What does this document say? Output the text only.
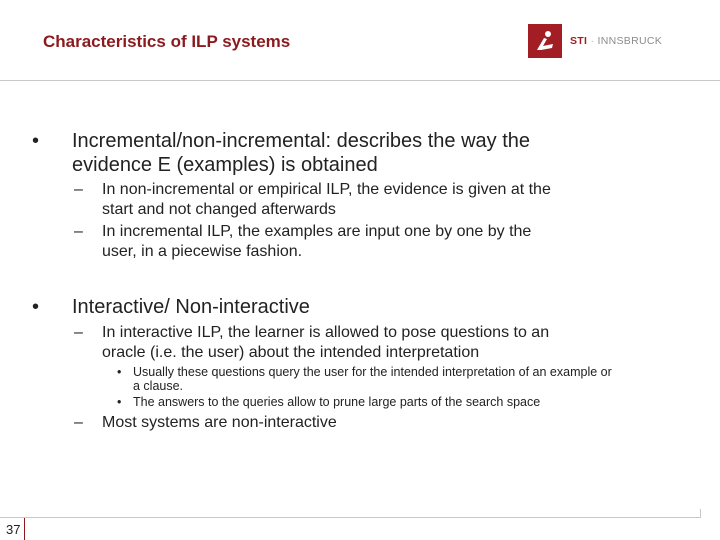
Characteristics of ILP systems	STI · INNSBRUCK
• Incremental/non-incremental: describes the way the
evidence E (examples) is obtained
– In non-incremental or empirical ILP, the evidence is given at the
start and not changed afterwards
– In incremental ILP, the examples are input one by one by the
user, in a piecewise fashion.
• Interactive/ Non-interactive
– In interactive ILP, the learner is allowed to pose questions to an
oracle (i.e. the user) about the intended interpretation
• Usually these questions query the user for the intended interpretation of an example or
a clause.
• The answers to the queries allow to prune large parts of the search space
– Most systems are non-interactive
37
